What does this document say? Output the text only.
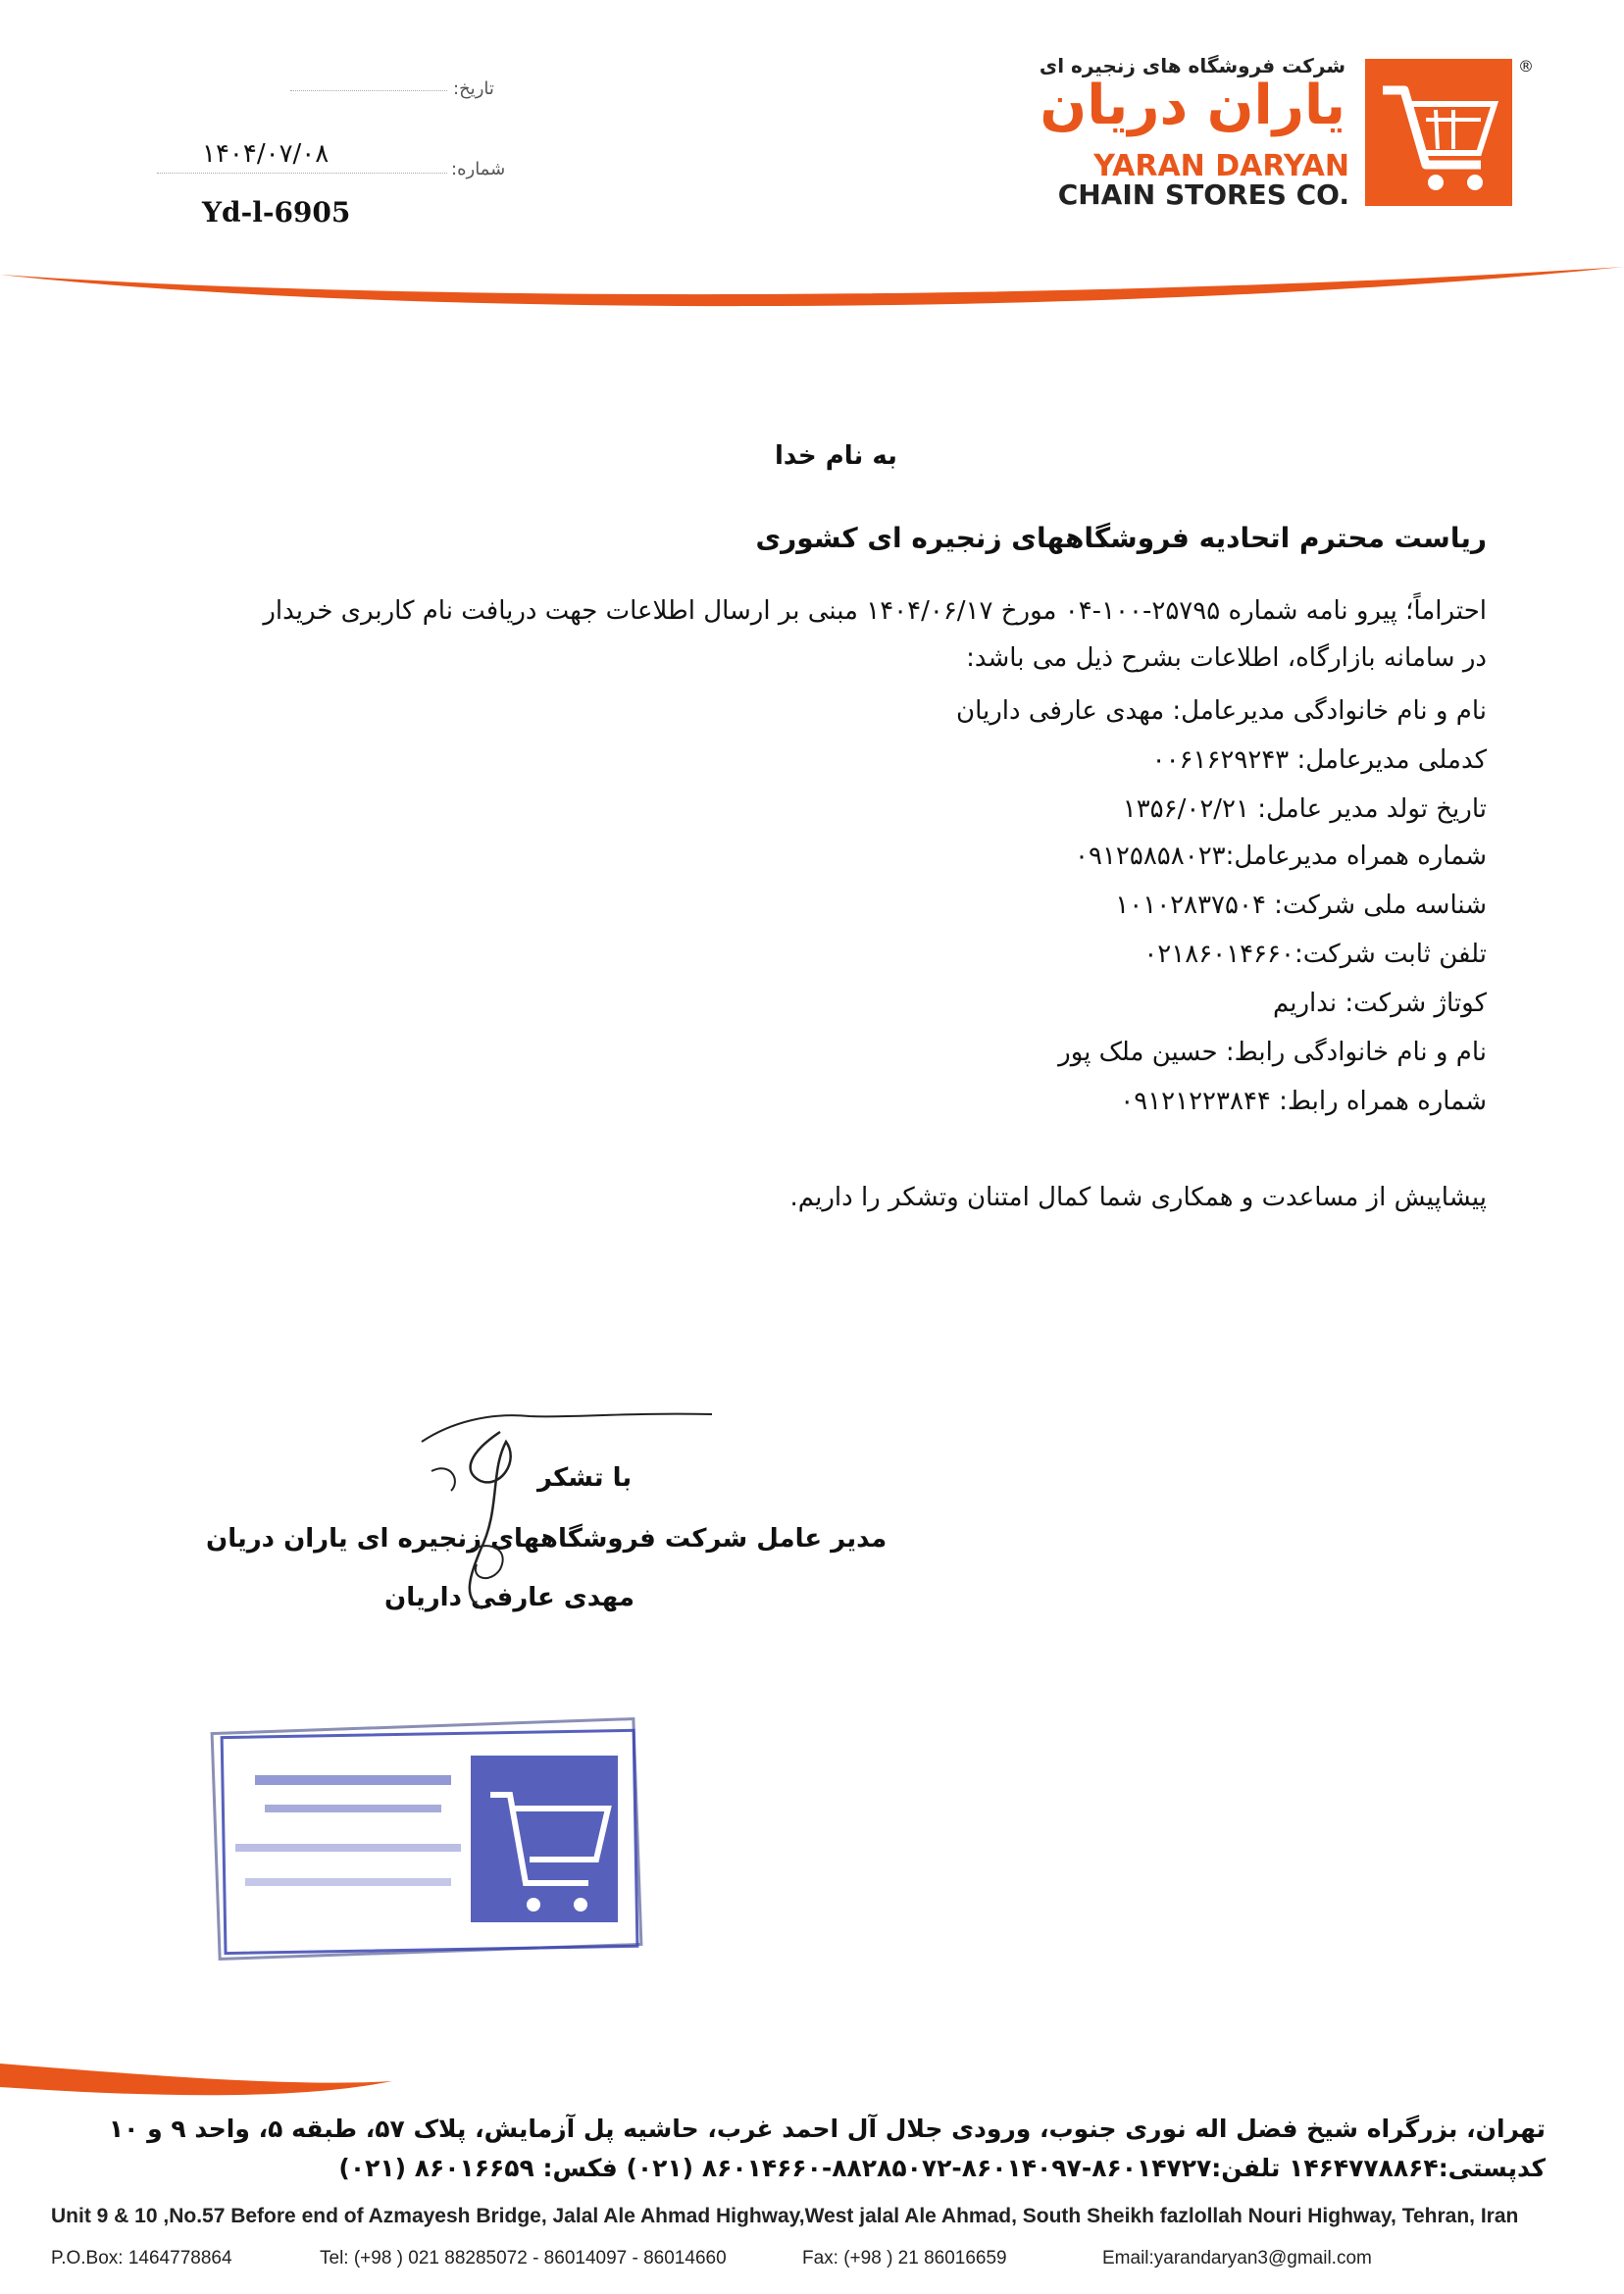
شرکت فروشگاه های زنجیره ای
یاران دریان
YARAN DARYAN
CHAIN STORES CO.
®
تاریخ:
شماره:
۱۴۰۴/۰۷/۰۸
Yd-l-6905
به نام خدا
ریاست محترم اتحادیه فروشگاههای زنجیره ای کشوری
احتراماً؛ پیرو نامه شماره ۲۵۷۹۵-۱۰۰-۰۴ مورخ ۱۴۰۴/۰۶/۱۷ مبنی بر ارسال اطلاعات جهت دریافت نام کاربری خریدار
در سامانه بازارگاه، اطلاعات بشرح ذیل می باشد:
نام و نام خانوادگی مدیرعامل: مهدی عارفی داریان
کدملی مدیرعامل: ۰۰۶۱۶۲۹۲۴۳
تاریخ تولد مدیر عامل: ۱۳۵۶/۰۲/۲۱
شماره همراه مدیرعامل:۰۹۱۲۵۸۵۸۰۲۳
شناسه ملی شرکت: ۱۰۱۰۲۸۳۷۵۰۴
تلفن ثابت شرکت:۰۲۱۸۶۰۱۴۶۶۰
کوتاژ شرکت: نداریم
نام و نام خانوادگی رابط: حسین ملک پور
شماره همراه رابط: ۰۹۱۲۱۲۲۳۸۴۴
پیشاپیش از مساعدت و همکاری شما کمال امتنان وتشکر را داریم.
با تشکر
مدیر عامل شرکت فروشگاههای زنجیره ای یاران دریان
مهدی عارفی داریان
تهران، بزرگراه شیخ فضل اله نوری جنوب، ورودی جلال آل احمد غرب، حاشیه پل آزمایش، پلاک ۵۷، طبقه ۵، واحد ۹ و ۱۰
کدپستی:۱۴۶۴۷۷۸۸۶۴ تلفن:۸۶۰۱۴۷۲۷-۸۶۰۱۴۰۹۷-۸۸۲۸۵۰۷۲-۸۶۰۱۴۶۶۰ (۰۲۱) فکس: ۸۶۰۱۶۶۵۹ (۰۲۱)
Unit 9 & 10 ,No.57 Before end of Azmayesh Bridge, Jalal Ale Ahmad Highway,West jalal Ale Ahmad, South Sheikh fazlollah Nouri Highway, Tehran, Iran
P.O.Box: 1464778864	Tel: (+98 ) 021 88285072 - 86014097 - 86014660	Fax: (+98 ) 21 86016659	Email:yarandaryan3@gmail.com
